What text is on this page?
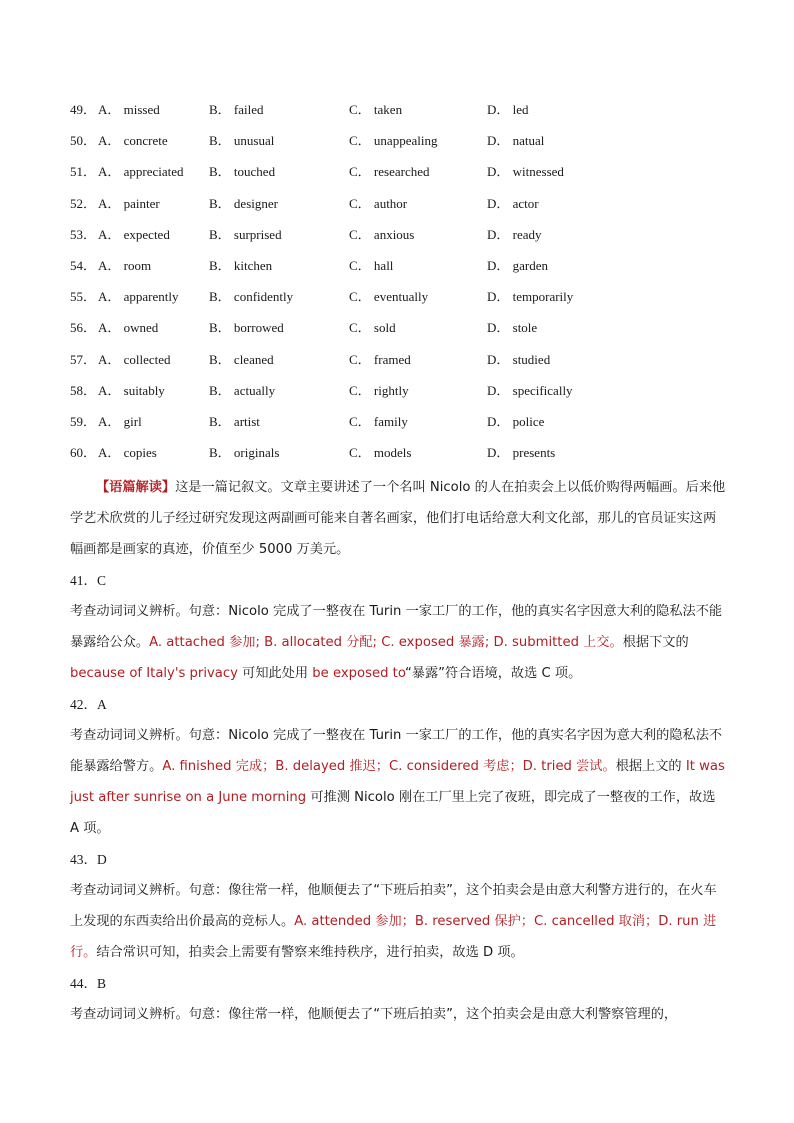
49． A． missed	B． failed	C． taken	D． led
50． A． concrete	B． unusual	C． unappealing	D． natual
51． A． appreciated B． touched	C． researched	D． witnessed
52． A． painter	B． designer	C． author	D． actor
53． A． expected	B． surprised	C． anxious	D． ready
54． A． room	B． kitchen	C． hall	D． garden
55． A． apparently B． confidently	C． eventually	D． temporarily
56． A． owned	B． borrowed	C． sold	D． stole
57． A． collected	B． cleaned	C． framed	D． studied
58． A． suitably	B． actually	C． rightly	D． specifically
59． A． girl	B． artist	C． family	D． police
60． A． copies	B． originals	C． models	D． presents

【语篇解读】这是一篇记叙文。文章主要讲述了一个名叫 Nicolo 的人在拍卖会上以低价购得两幅画。后来他学艺术欣赏的儿子经过研究发现这两副画可能来自著名画家，他们打电话给意大利文化部，那儿的官员证实这两幅画都是画家的真迹，价值至少 5000 万美元。

41．C

考查动词词义辨析。句意：Nicolo 完成了一整夜在 Turin 一家工厂的工作，他的真实名字因意大利的隐私法不能暴露给公众。A. attached 参加; B. allocated 分配; C. exposed 暴露; D. submitted 上交。根据下文的 because of Italy's privacy 可知此处用 be exposed to“暴露”符合语境，故选 C 项。

42．A

考查动词词义辨析。句意：Nicolo 完成了一整夜在 Turin 一家工厂的工作，他的真实名字因为意大利的隐私法不能暴露给警方。A. finished 完成；B. delayed 推迟；C. considered 考虑；D. tried 尝试。根据上文的 It was just after sunrise on a June morning 可推测 Nicolo 刚在工厂里上完了夜班，即完成了一整夜的工作，故选 A 项。

43．D

考查动词词义辨析。句意：像往常一样，他顺便去了“下班后拍卖”，这个拍卖会是由意大利警方进行的，在火车上发现的东西卖给出价最高的竞标人。A. attended 参加；B. reserved 保护；C. cancelled 取消；D. run 进行。结合常识可知，拍卖会上需要有警察来维持秩序，进行拍卖，故选 D 项。

44．B

考查动词词义辨析。句意：像往常一样，他顺便去了“下班后拍卖”，这个拍卖会是由意大利警察管理的，
